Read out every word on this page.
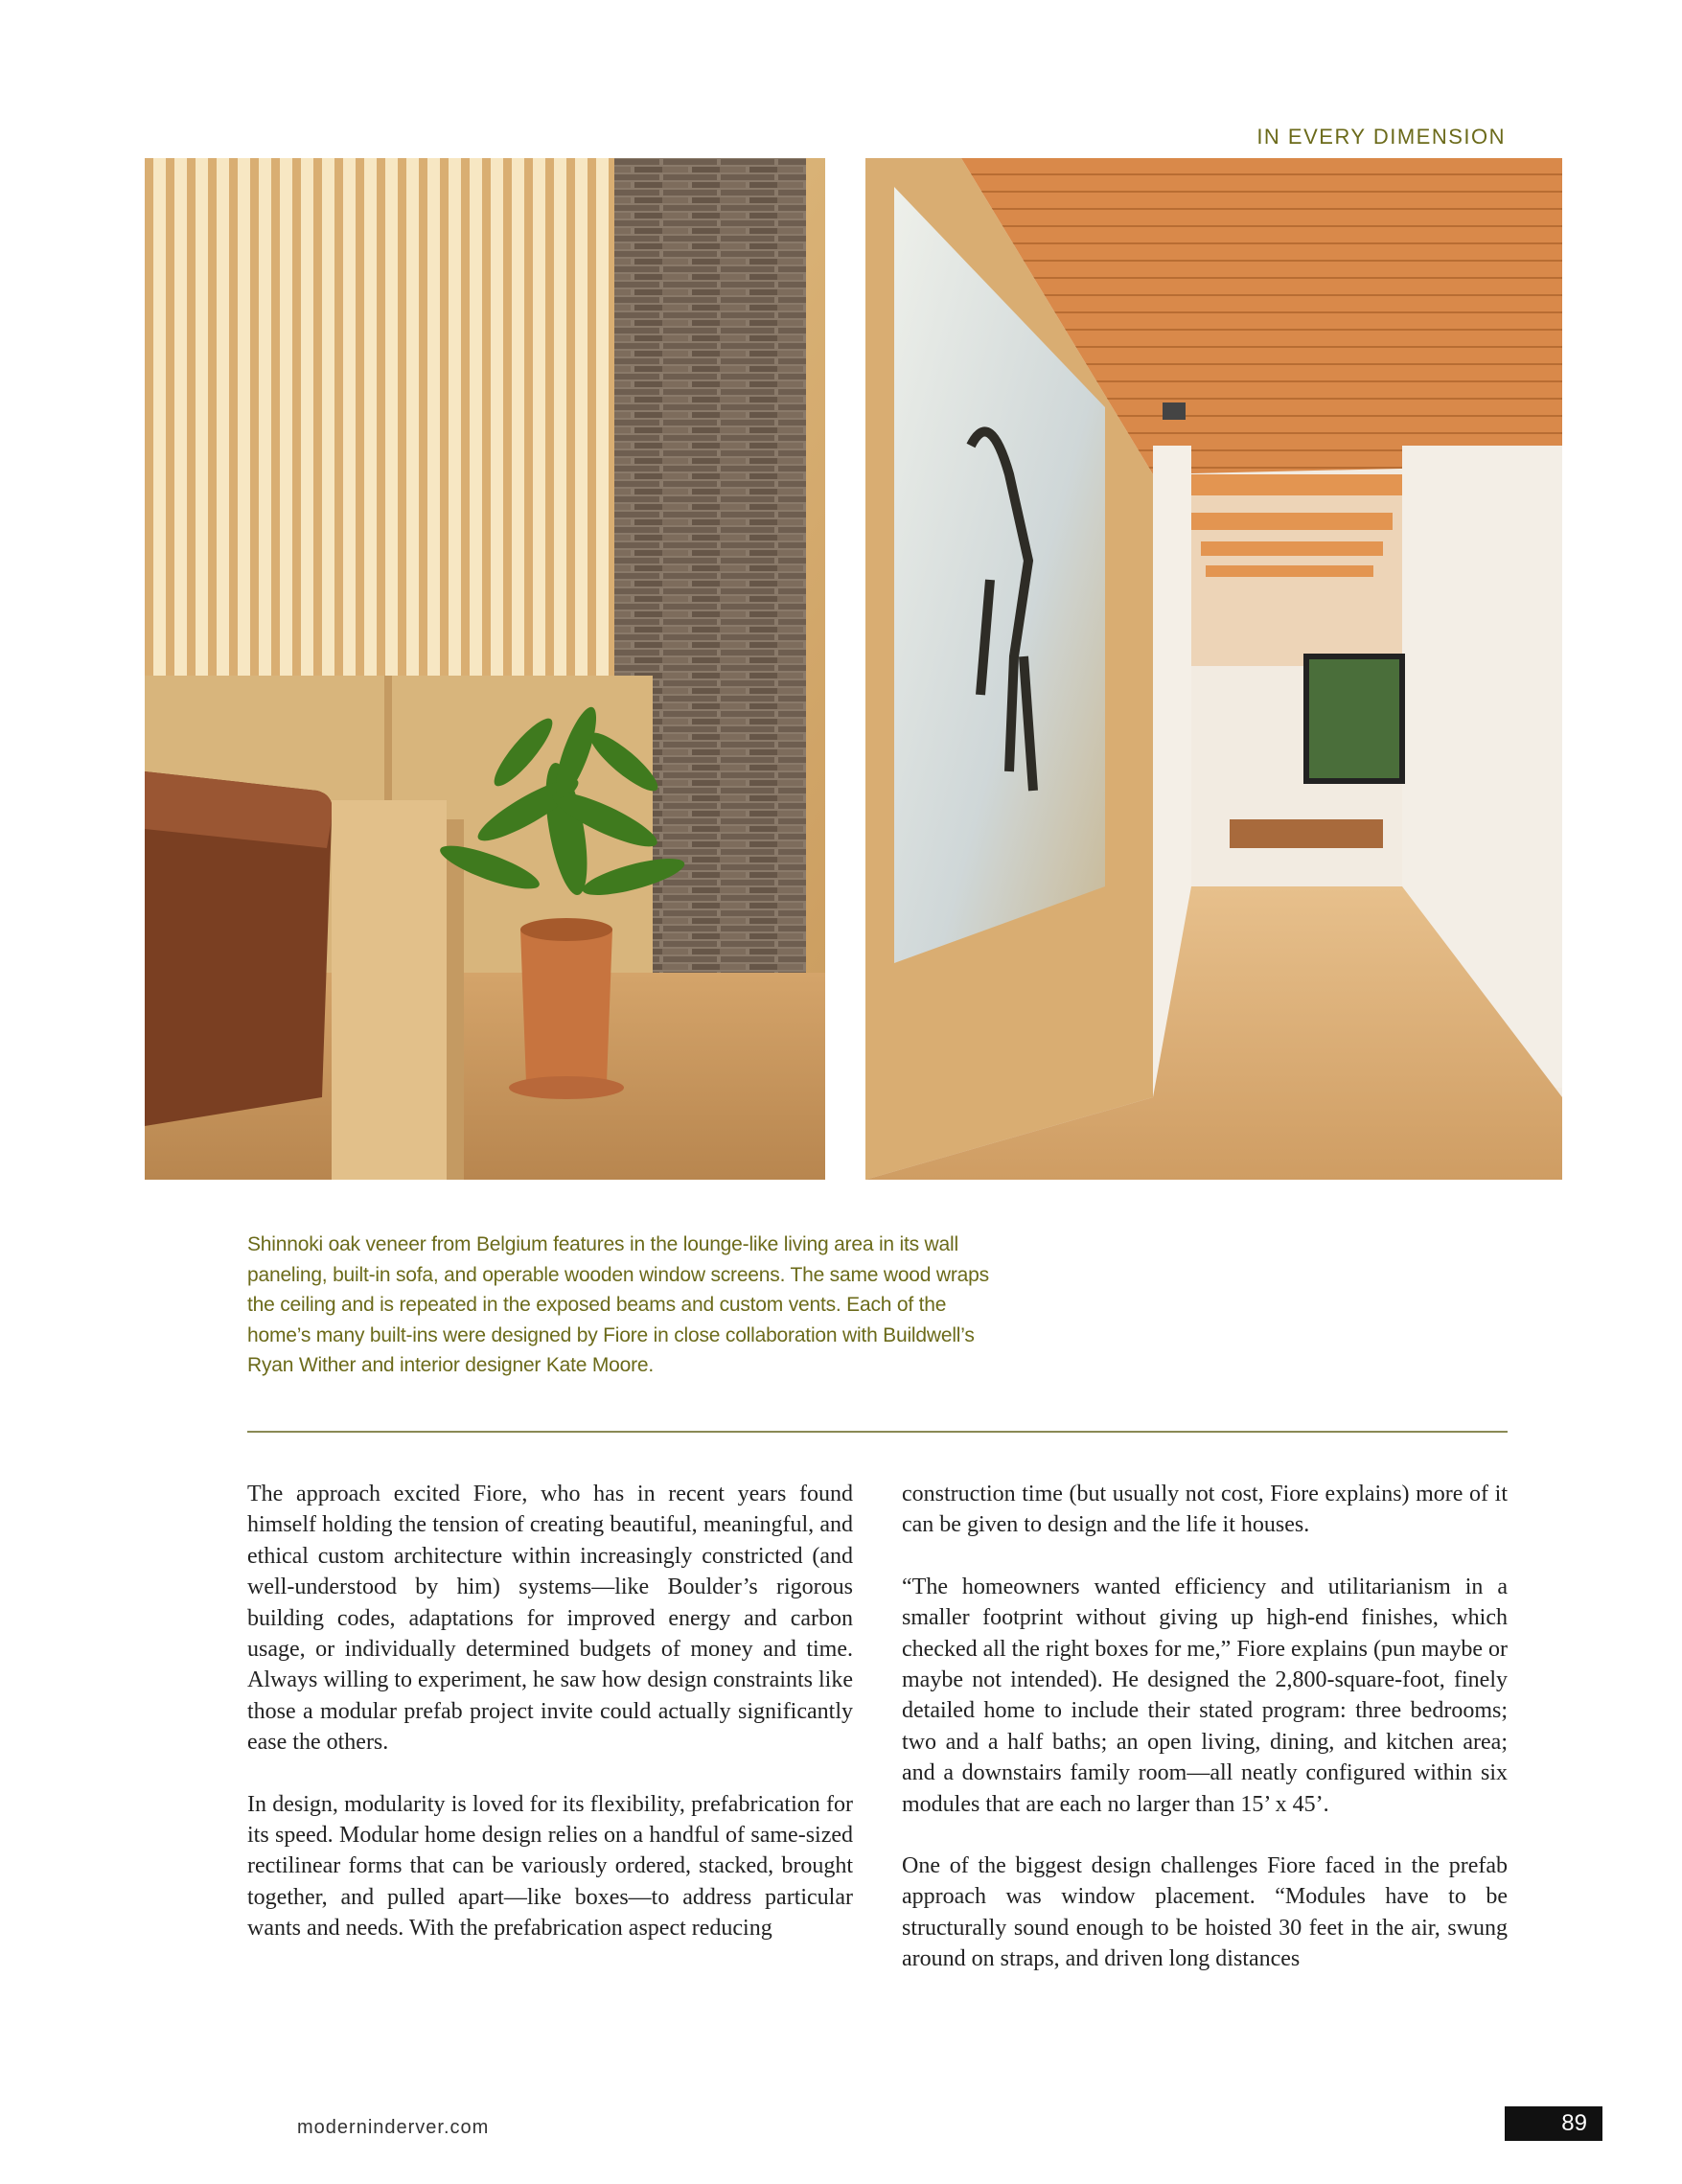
IN EVERY DIMENSION
Shinnoki oak veneer from Belgium features in the lounge-like living area in its wall paneling, built-in sofa, and operable wooden window screens. The same wood wraps the ceiling and is repeated in the exposed beams and custom vents. Each of the home’s many built-ins were designed by Fiore in close collaboration with Buildwell’s Ryan Wither and interior designer Kate Moore.

The approach excited Fiore, who has in recent years found himself holding the tension of creating beautiful, meaningful, and ethical custom architecture within increasingly constricted (and well-understood by him) systems—like Boulder’s rigorous building codes, adaptations for improved energy and carbon usage, or individually determined budgets of money and time. Always willing to experiment, he saw how design constraints like those a modular prefab project invite could actually significantly ease the others.

In design, modularity is loved for its flexibility, prefabrication for its speed. Modular home design relies on a handful of same-sized rectilinear forms that can be variously ordered, stacked, brought together, and pulled apart—like boxes—to address particular wants and needs. With the prefabrication aspect reducing

construction time (but usually not cost, Fiore explains) more of it can be given to design and the life it houses.

“The homeowners wanted efficiency and utilitarianism in a smaller footprint without giving up high-end finishes, which checked all the right boxes for me,” Fiore explains (pun maybe or maybe not intended). He designed the 2,800-square-foot, finely detailed home to include their stated program: three bedrooms; two and a half baths; an open living, dining, and kitchen area; and a downstairs family room—all neatly configured within six modules that are each no larger than 15’ x 45’.

One of the biggest design challenges Fiore faced in the prefab approach was window placement. “Modules have to be structurally sound enough to be hoisted 30 feet in the air, swung around on straps, and driven long distances

moderninderver.com	89
